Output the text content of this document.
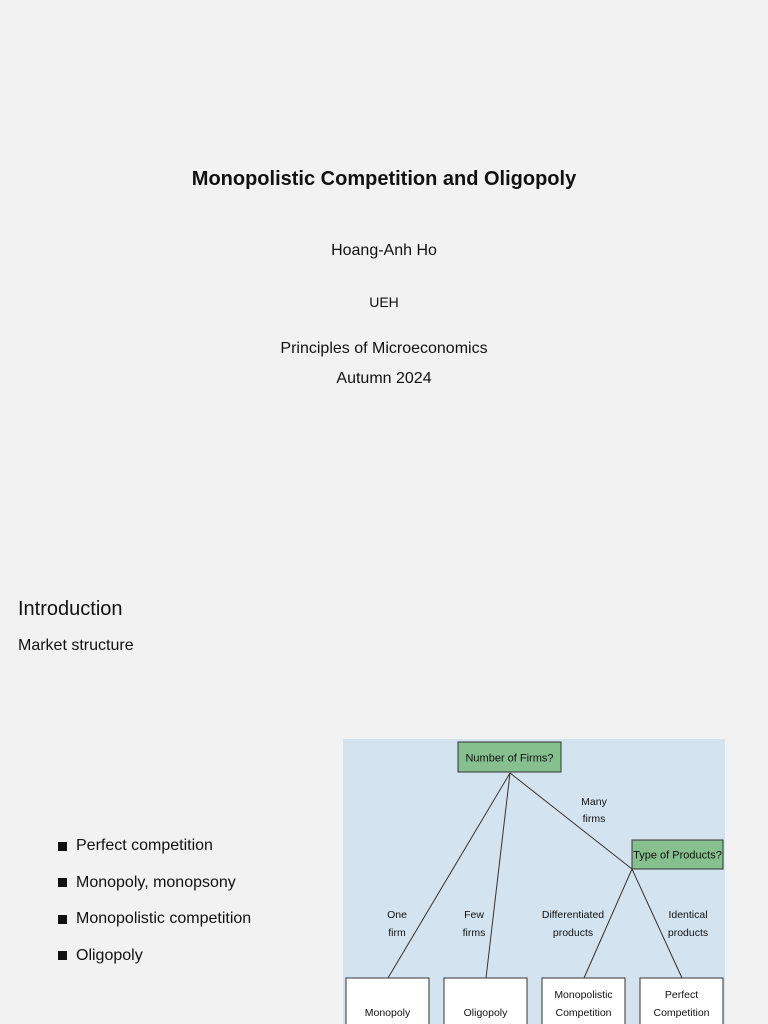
Monopolistic Competition and Oligopoly
Hoang-Anh Ho
UEH
Principles of Microeconomics
Autumn 2024
Introduction
Market structure
Perfect competition
Monopoly, monopsony
Monopolistic competition
Oligopoly
Number of Firms?
Type of Products?
Many
firms
One
firm
Few
firms
Differentiated
products
Identical
products
Monopoly	Oligopoly
Monopolistic
Competition
Perfect
Competition
